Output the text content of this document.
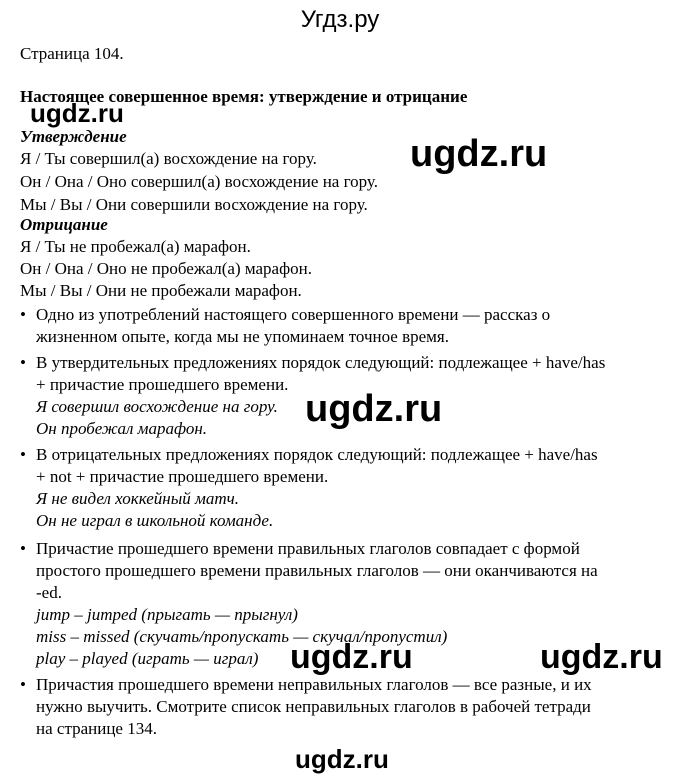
Угдз.ру
Страница 104.
Настоящее совершенное время: утверждение и отрицание
Утверждение
Я / Ты совершил(а) восхождение на гору.
Он / Она / Оно совершил(а) восхождение на гору.
Мы / Вы / Они совершили восхождение на гору.
Отрицание
Я / Ты не пробежал(а) марафон.
Он / Она / Оно не пробежал(а) марафон.
Мы / Вы / Они не пробежали марафон.
• Одно из употреблений настоящего совершенного времени — рассказ о
жизненном опыте, когда мы не упоминаем точное время.
• В утвердительных предложениях порядок следующий: подлежащее + have/has
+ причастие прошедшего времени.
Я совершил восхождение на гору.
Он пробежал марафон.
• В отрицательных предложениях порядок следующий: подлежащее + have/has
+ not + причастие прошедшего времени.
Я не видел хоккейный матч.
Он не играл в школьной команде.
• Причастие прошедшего времени правильных глаголов совпадает с формой
простого прошедшего времени правильных глаголов — они оканчиваются на
-ed.
jump – jumped (прыгать — прыгнул)
miss – missed (скучать/пропускать — скучал/пропустил)
play – played (играть — играл)
• Причастия прошедшего времени неправильных глаголов — все разные, и их
нужно выучить. Смотрите список неправильных глаголов в рабочей тетради
на странице 134.
ugdz.ru
ugdz.ru
ugdz.ru
ugdz.ru	ugdz.ru
ugdz.ru
